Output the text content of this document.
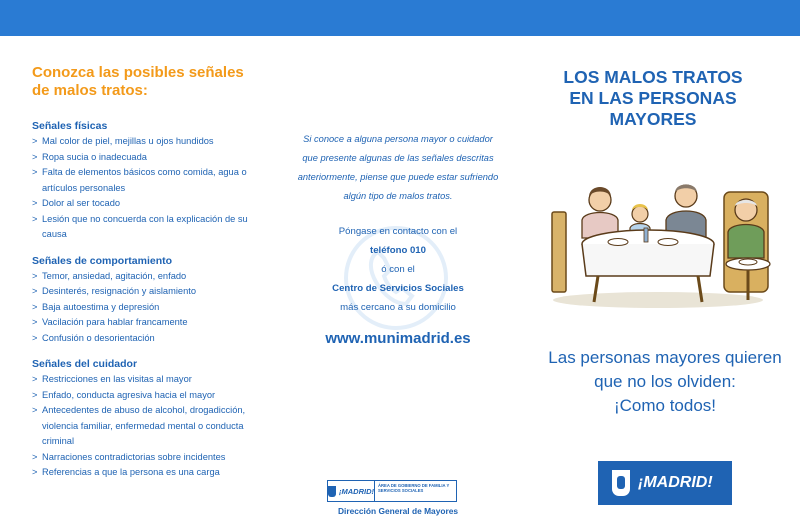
Conozca las posibles señales
de malos tratos:

Señales físicas

> Mal color de piel, mejillas u ojos hundidos
> Ropa sucia o inadecuada
> Falta de elementos básicos como comida, agua o artículos personales
> Dolor al ser tocado
> Lesión que no concuerda con la explicación de su causa

Señales de comportamiento

> Temor, ansiedad, agitación, enfado
> Desinterés, resignación y aislamiento
> Baja autoestima y depresión
> Vacilación para hablar francamente
> Confusión o desorientación

Señales del cuidador

> Restricciones en las visitas al mayor
> Enfado, conducta agresiva hacia el mayor
> Antecedentes de abuso de alcohol, drogadicción, violencia familiar, enfermedad mental o conducta criminal
> Narraciones contradictorias sobre incidentes
> Referencias a que la persona es una carga
Si conoce a alguna persona mayor o cuidador que presente algunas de las señales descritas anteriormente, piense que puede estar sufriendo algún tipo de malos tratos.
Póngase en contacto con el
teléfono 010
ó con el
Centro de Servicios Sociales
más cercano a su domicilio
www.munimadrid.es
¡MADRID!
ÁREA DE GOBIERNO DE FAMILIA Y SERVICIOS SOCIALES
Dirección General de Mayores
LOS MALOS TRATOS
EN LAS PERSONAS
MAYORES
Las personas mayores quieren
que no los olviden:
¡Como todos!
¡MADRID!
